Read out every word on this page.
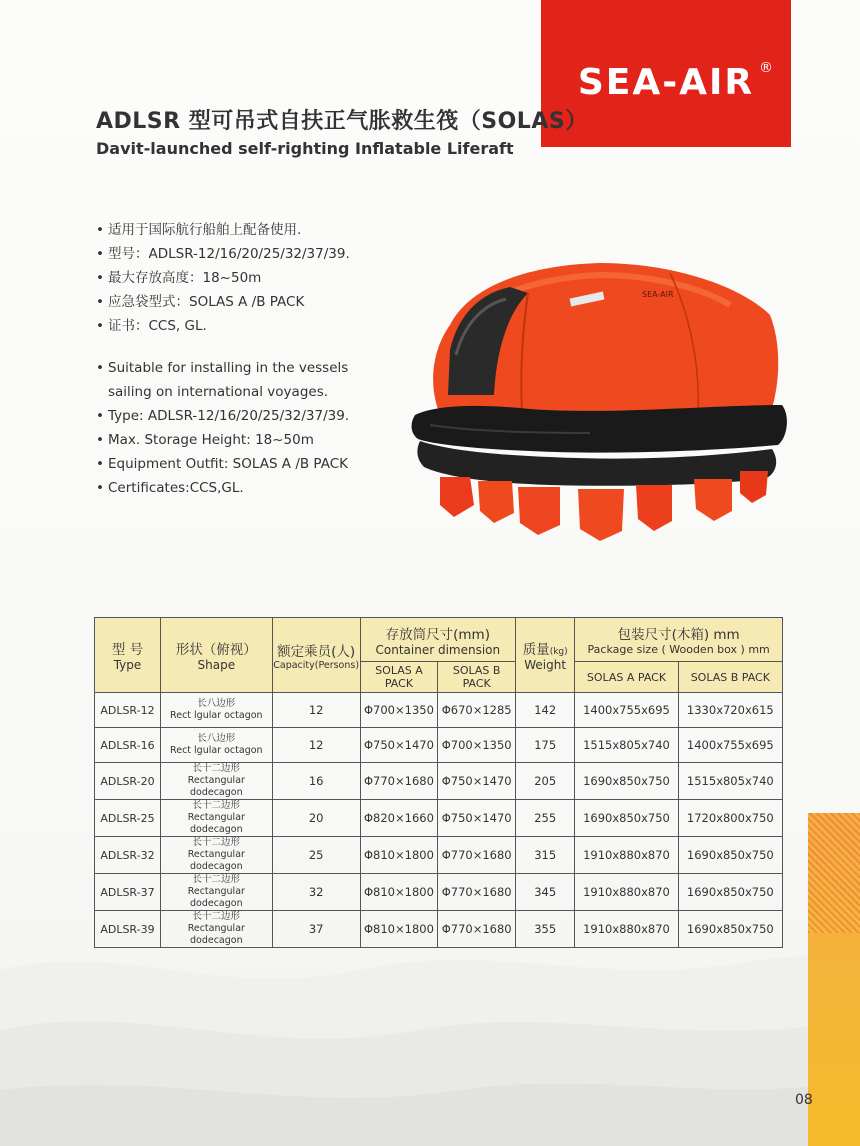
SEA-AIR ®
ADLSR 型可吊式自扶正气胀救生筏（SOLAS）
Davit-launched self-righting Inflatable Liferaft
• 适用于国际航行船舶上配备使用.
• 型号：ADLSR-12/16/20/25/32/37/39.
• 最大存放高度：18~50m
• 应急袋型式：SOLAS A /B PACK
• 证书：CCS, GL.
• Suitable for installing in the vessels
sailing on international voyages.
• Type: ADLSR-12/16/20/25/32/37/39.
• Max. Storage Height: 18~50m
• Equipment Outfit: SOLAS A /B PACK
• Certificates:CCS,GL.
SEA-AIR
型 号
Type	形状（俯视）
Shape	额定乘员(人)
Capacity(Persons)	存放筒尺寸(mm)
Container dimension		质量(kg)
Weight	包装尺寸(木箱) mm
Package size ( Wooden box ) mm	

			SOLAS A PACK	SOLAS B PACK		SOLAS A PACK	SOLAS B PACK
ADLSR-12	长八边形
Rect lgular octagon	12	Φ700×1350	Φ670×1285	142	1400x755x695	1330x720x615
ADLSR-16	长八边形
Rect lgular octagon	12	Φ750×1470	Φ700×1350	175	1515x805x740	1400x755x695
ADLSR-20	长十二边形
Rectangular dodecagon	16	Φ770×1680	Φ750×1470	205	1690x850x750	1515x805x740
ADLSR-25	长十二边形
Rectangular dodecagon	20	Φ820×1660	Φ750×1470	255	1690x850x750	1720x800x750
ADLSR-32	长十二边形
Rectangular dodecagon	25	Φ810×1800	Φ770×1680	315	1910x880x870	1690x850x750
ADLSR-37	长十二边形
Rectangular dodecagon	32	Φ810×1800	Φ770×1680	345	1910x880x870	1690x850x750
ADLSR-39	长十二边形
Rectangular dodecagon	37	Φ810×1800	Φ770×1680	355	1910x880x870	1690x850x750
08
